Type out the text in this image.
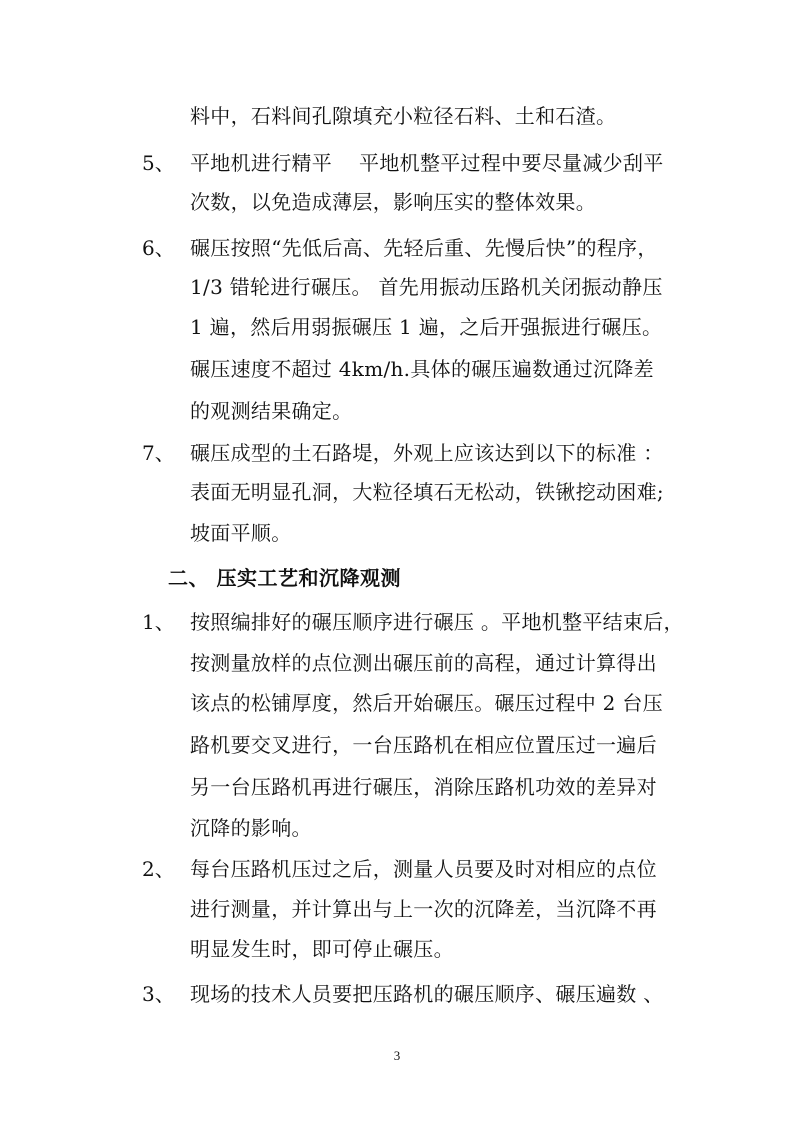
料中，石料间孔隙填充小粒径石料、土和石渣。
5、 平地机进行精平　 平地机整平过程中要尽量减少刮平
次数，以免造成薄层，影响压实的整体效果。
6、 碾压按照“先低后高、先轻后重、先慢后快”的程序，
1/3 错轮进行碾压。 首先用振动压路机关闭振动静压
1 遍，然后用弱振碾压 1 遍，之后开强振进行碾压。
碾压速度不超过 4km/h.具体的碾压遍数通过沉降差
的观测结果确定。
7、 碾压成型的土石路堤，外观上应该达到以下的标准 ：
表面无明显孔洞，大粒径填石无松动，铁锹挖动困难;
坡面平顺。
二、 压实工艺和沉降观测
1、 按照编排好的碾压顺序进行碾压 。平地机整平结束后，
按测量放样的点位测出碾压前的高程，通过计算得出
该点的松铺厚度，然后开始碾压。碾压过程中 2 台压
路机要交叉进行，一台压路机在相应位置压过一遍后
另一台压路机再进行碾压，消除压路机功效的差异对
沉降的影响。
2、 每台压路机压过之后，测量人员要及时对相应的点位
进行测量，并计算出与上一次的沉降差，当沉降不再
明显发生时，即可停止碾压。
3、 现场的技术人员要把压路机的碾压顺序、碾压遍数 、
3
